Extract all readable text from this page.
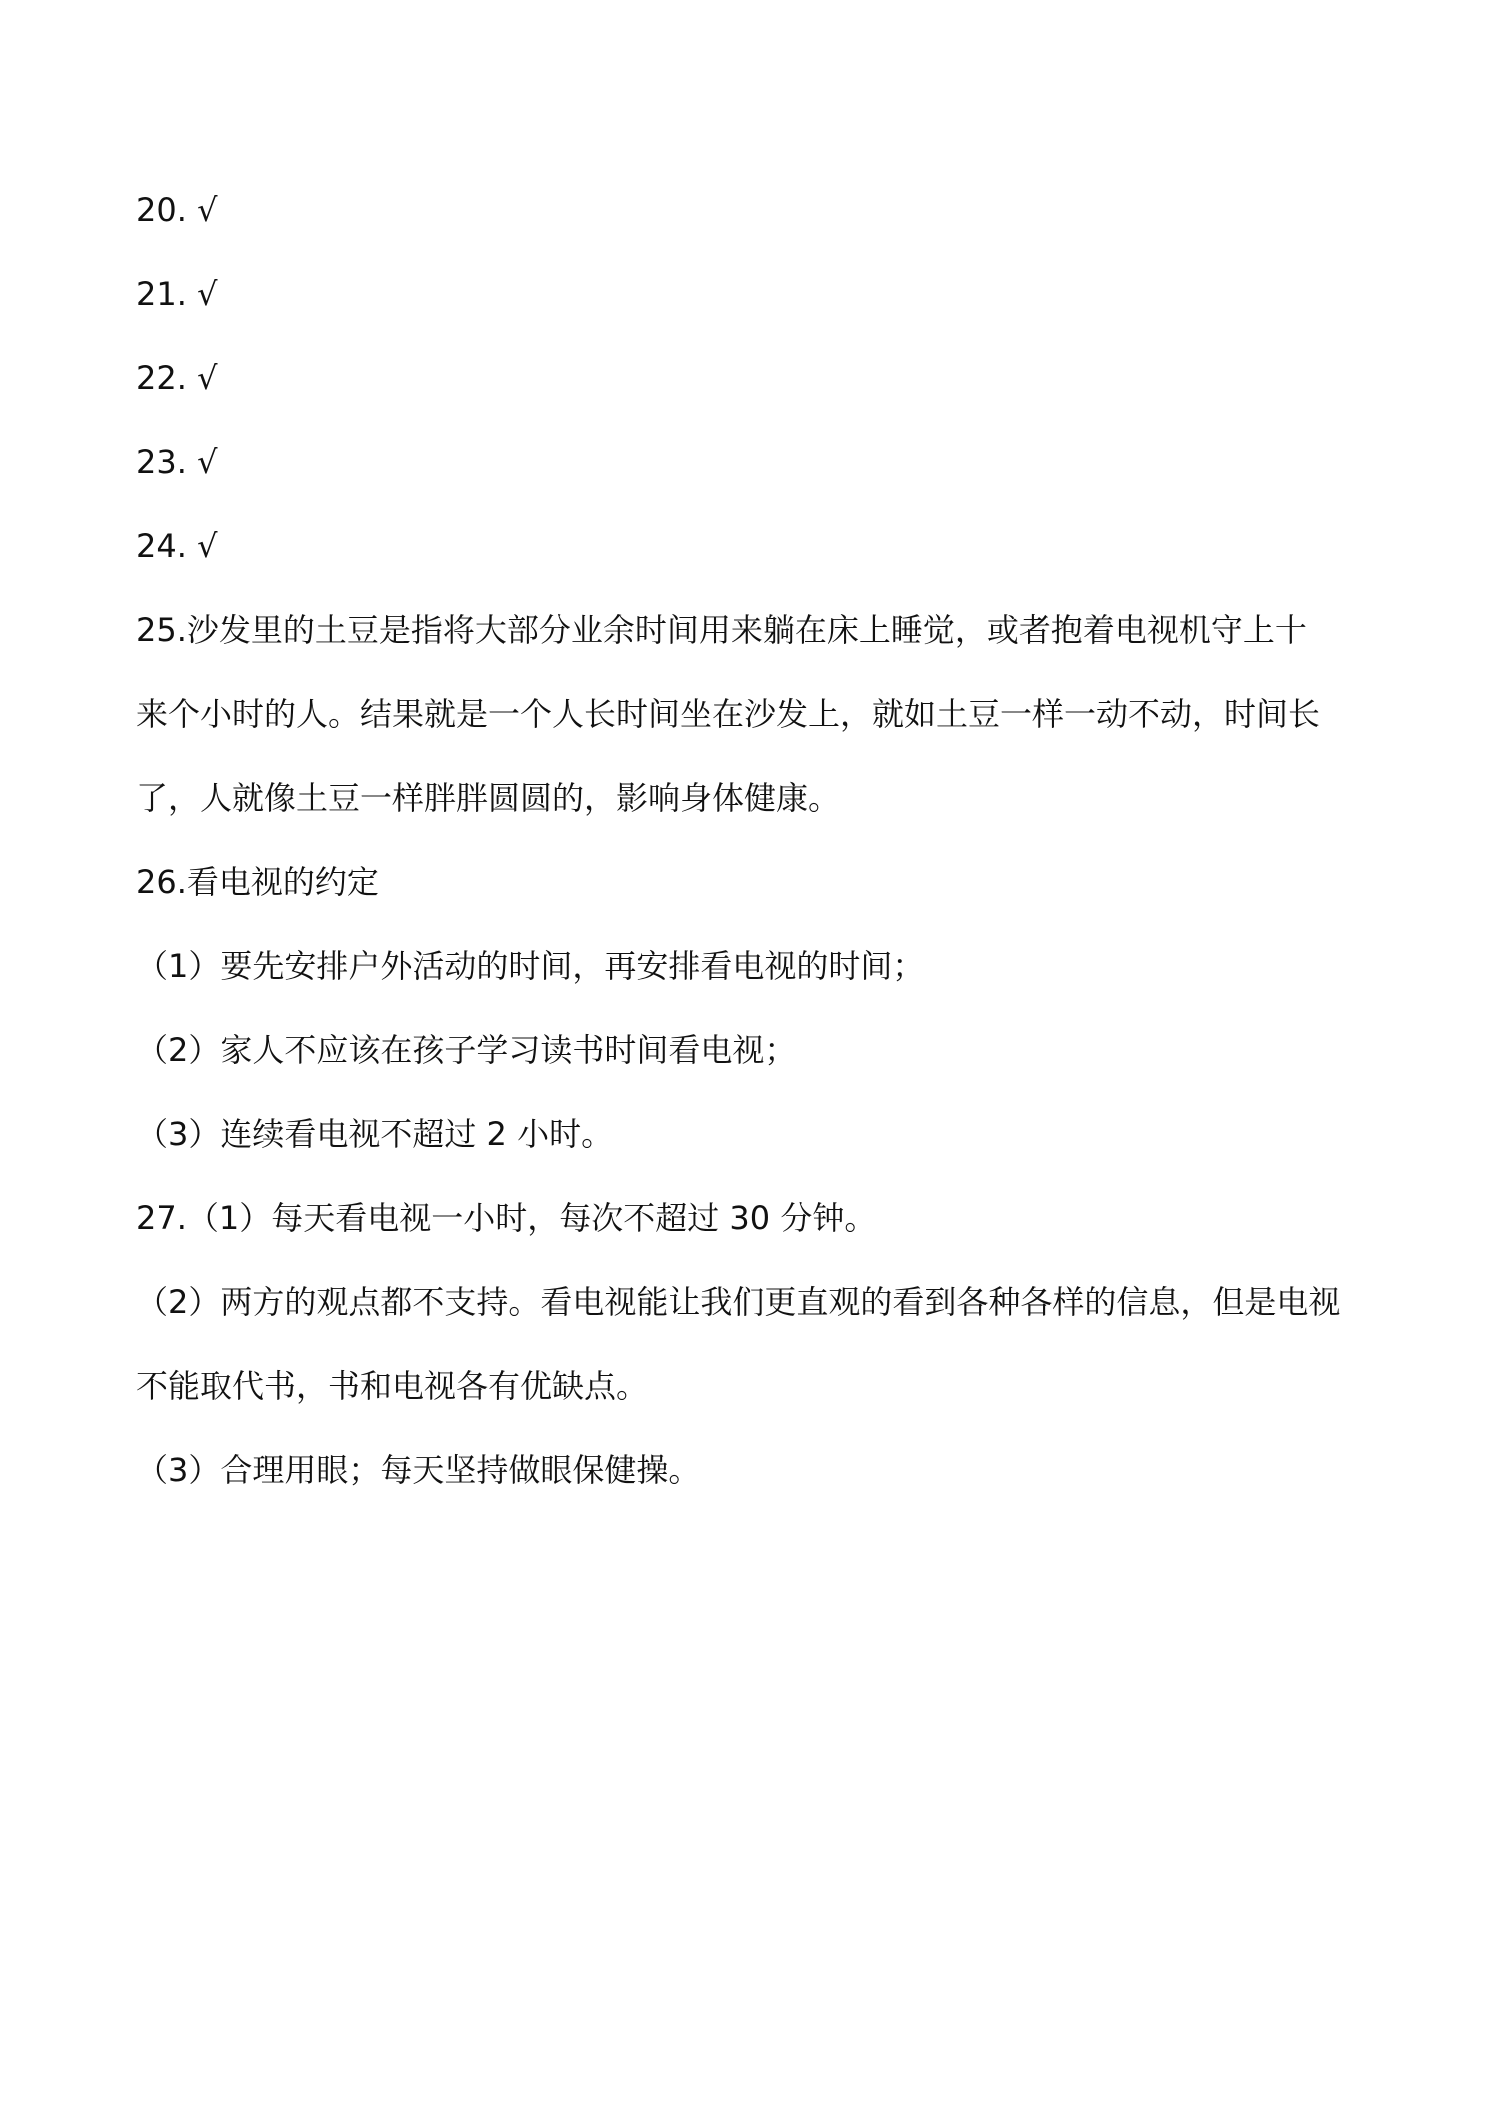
20. √
21. √
22. √
23. √
24. √
25.沙发里的土豆是指将大部分业余时间用来躺在床上睡觉，或者抱着电视机守上十
来个小时的人。结果就是一个人长时间坐在沙发上，就如土豆一样一动不动，时间长
了，人就像土豆一样胖胖圆圆的，影响身体健康。
26.看电视的约定
（1）要先安排户外活动的时间，再安排看电视的时间；
（2）家人不应该在孩子学习读书时间看电视；
（3）连续看电视不超过 2 小时。
27.（1）每天看电视一小时，每次不超过 30 分钟。
（2）两方的观点都不支持。看电视能让我们更直观的看到各种各样的信息，但是电视
不能取代书，书和电视各有优缺点。
（3）合理用眼；每天坚持做眼保健操。
